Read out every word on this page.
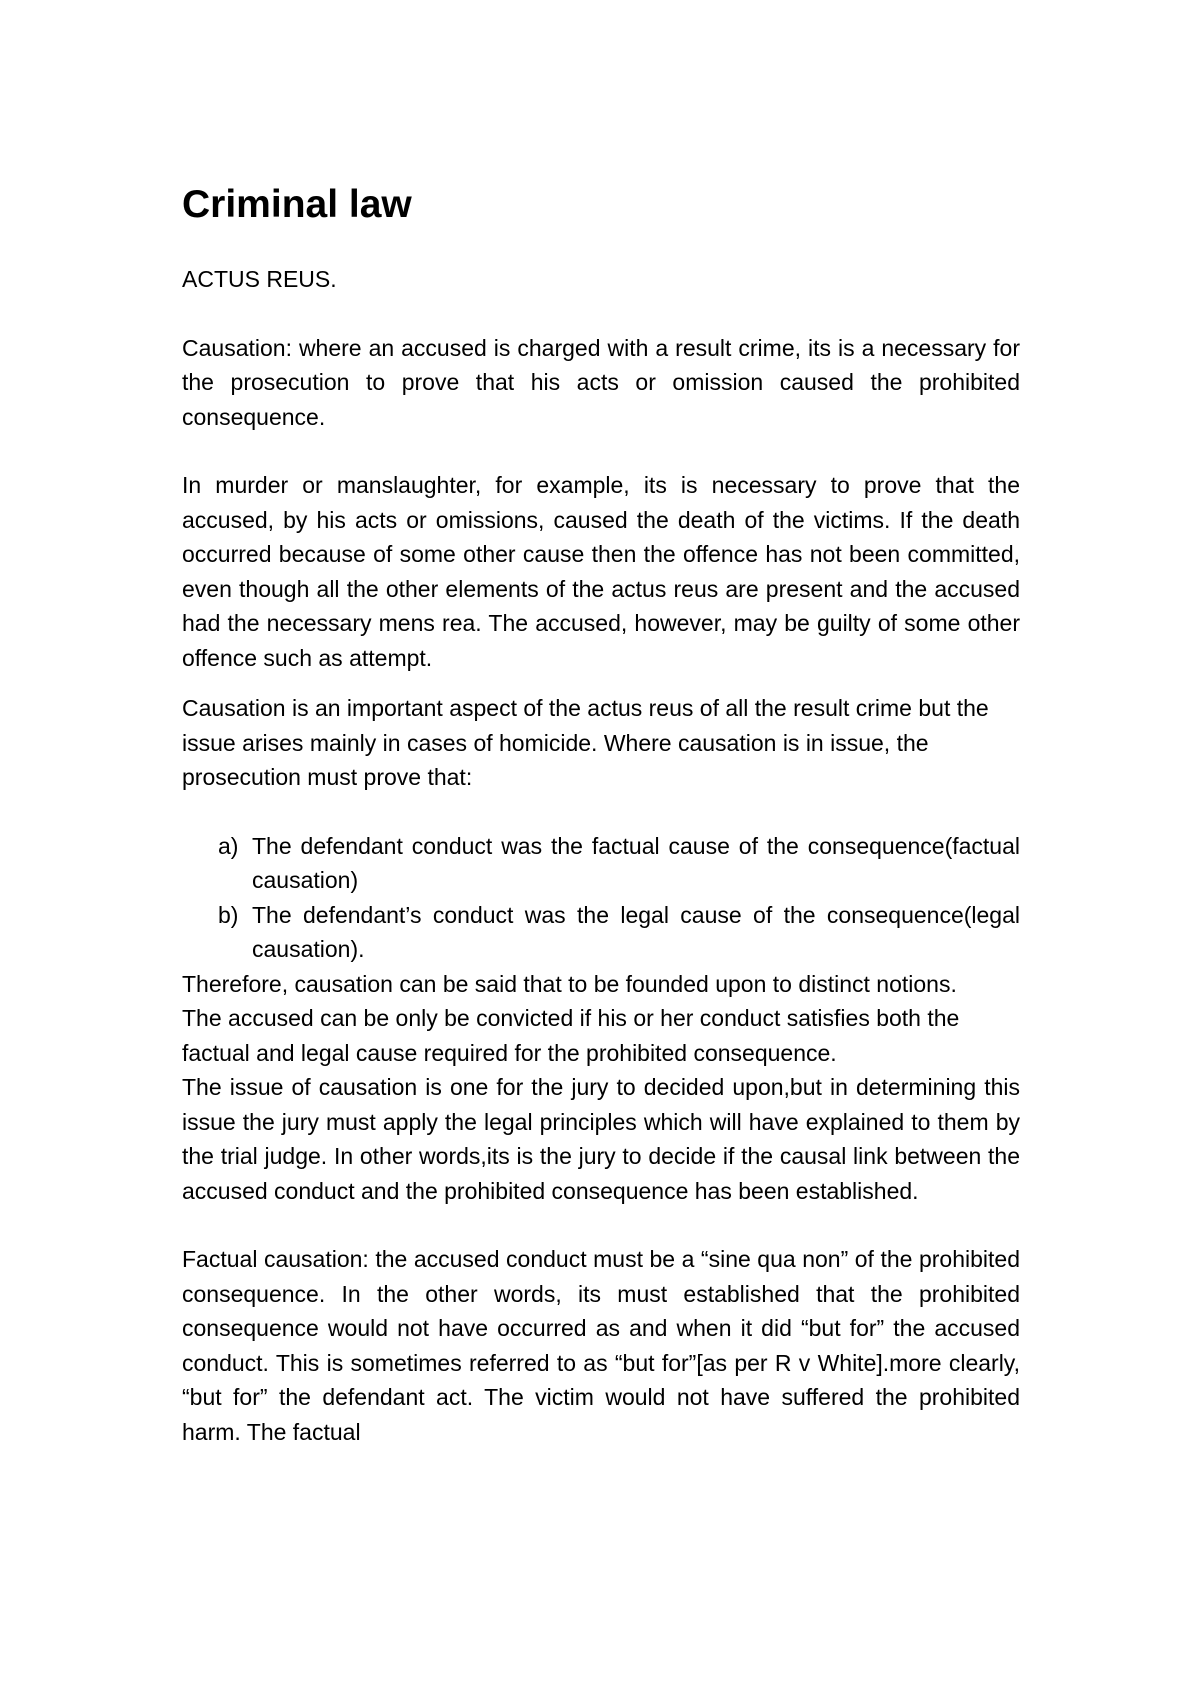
Criminal law
ACTUS REUS.

Causation: where an accused is charged with a result crime, its is a necessary for the prosecution to prove that his acts or omission caused the prohibited consequence.

In murder or manslaughter, for example, its is necessary to prove that the accused, by his acts or omissions, caused the death of the victims. If the death occurred because of some other cause then the offence has not been committed, even though all the other elements of the actus reus are present and the accused had the necessary mens rea. The accused, however, may be guilty of some other offence such as attempt.

Causation is an important aspect of the actus reus of all the result crime but the issue arises mainly in cases of homicide. Where causation is in issue, the prosecution must prove that:

a) The defendant conduct was the factual cause of the consequence(factual causation)
b) The defendant’s conduct was the legal cause of the consequence(legal causation).

Therefore, causation can be said that to be founded upon to distinct notions.

The accused can be only be convicted if his or her conduct satisfies both the factual and legal cause required for the prohibited consequence.

The issue of causation is one for the jury to decided upon,but in determining this issue the jury must apply the legal principles which will have explained to them by the trial judge. In other words,its is the jury to decide if the causal link between the accused conduct and the prohibited consequence has been established.

Factual causation: the accused conduct must be a “sine qua non” of the prohibited consequence. In the other words, its must established that the prohibited consequence would not have occurred as and when it did “but for” the accused conduct. This is sometimes referred to as “but for”[as per R v White].more clearly, “but for” the defendant act. The victim would not have suffered the prohibited harm. The factual
